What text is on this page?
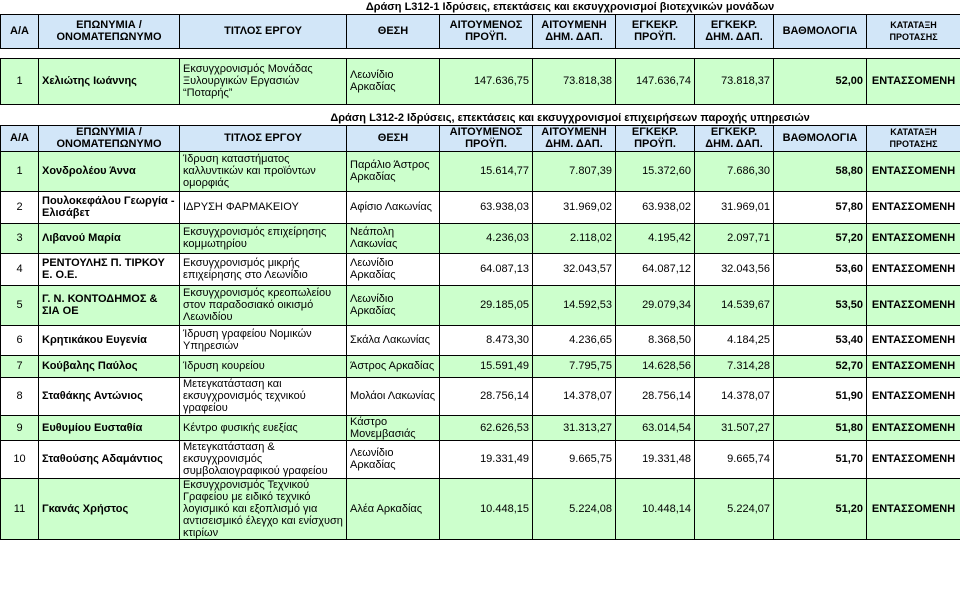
		Δράση L312-1 Ιδρύσεις, επεκτάσεις και εκσυγχρονισμοί βιοτεχνικών μονάδων							
Α/Α	ΕΠΩΝΥΜΙΑ / ΟΝΟΜΑΤΕΠΩΝΥΜΟ	ΤΙΤΛΟΣ ΕΡΓΟΥ	ΘΕΣΗ	ΑΙΤΟΥΜΕΝΟΣ ΠΡΟΫΠ.	ΑΙΤΟΥΜΕΝΗ ΔΗΜ. ΔΑΠ.	ΕΓΚΕΚΡ. ΠΡΟΫΠ.	ΕΓΚΕΚΡ. ΔΗΜ. ΔΑΠ.	ΒΑΘΜΟΛΟΓΙΑ	ΚΑΤΑΤΑΞΗ ΠΡΟΤΑΣΗΣ

1	Χελιώτης Ιωάννης	Εκσυγχρονισμός Μονάδας Ξυλουργικών Εργασιών “Ποταρής”	Λεωνίδιο Αρκαδίας	147.636,75	73.818,38	147.636,74	73.818,37	52,00	ΕΝΤΑΣΣΟΜΕΝΗ
		Δράση L312-2 Ιδρύσεις, επεκτάσεις και εκσυγχρονισμοί επιχειρήσεων παροχής υπηρεσιών							
Α/Α	ΕΠΩΝΥΜΙΑ / ΟΝΟΜΑΤΕΠΩΝΥΜΟ	ΤΙΤΛΟΣ ΕΡΓΟΥ	ΘΕΣΗ	ΑΙΤΟΥΜΕΝΟΣ ΠΡΟΫΠ.	ΑΙΤΟΥΜΕΝΗ ΔΗΜ. ΔΑΠ.	ΕΓΚΕΚΡ. ΠΡΟΫΠ.	ΕΓΚΕΚΡ. ΔΗΜ. ΔΑΠ.	ΒΑΘΜΟΛΟΓΙΑ	ΚΑΤΑΤΑΞΗ ΠΡΟΤΑΣΗΣ
1	Χονδρολέου Άννα	Ίδρυση καταστήματος καλλυντικών και προϊόντων ομορφιάς	Παράλιο Άστρος Αρκαδίας	15.614,77	7.807,39	15.372,60	7.686,30	58,80	ΕΝΤΑΣΣΟΜΕΝΗ
2	Πουλοκεφάλου Γεωργία - Ελισάβετ	ΙΔΡΥΣΗ ΦΑΡΜΑΚΕΙΟΥ	Αφίσιο Λακωνίας	63.938,03	31.969,02	63.938,02	31.969,01	57,80	ΕΝΤΑΣΣΟΜΕΝΗ
3	Λιβανού Μαρία	Εκσυγχρονισμός επιχείρησης κομμωτηρίου	Νεάπολη Λακωνίας	4.236,03	2.118,02	4.195,42	2.097,71	57,20	ΕΝΤΑΣΣΟΜΕΝΗ
4	ΡΕΝΤΟΥΛΗΣ Π. ΤΙΡΚΟΥ Ε. Ο.Ε.	Εκσυγχρονισμός μικρής επιχείρησης στο Λεωνίδιο	Λεωνίδιο Αρκαδίας	64.087,13	32.043,57	64.087,12	32.043,56	53,60	ΕΝΤΑΣΣΟΜΕΝΗ
5	Γ. Ν. ΚΟΝΤΟΔΗΜΟΣ & ΣΙΑ ΟΕ	Εκσυγχρονισμός κρεοπωλείου στον παραδοσιακό οικισμό Λεωνιδίου	Λεωνίδιο Αρκαδίας	29.185,05	14.592,53	29.079,34	14.539,67	53,50	ΕΝΤΑΣΣΟΜΕΝΗ
6	Κρητικάκου Ευγενία	Ίδρυση γραφείου Νομικών Υπηρεσιών	Σκάλα Λακωνίας	8.473,30	4.236,65	8.368,50	4.184,25	53,40	ΕΝΤΑΣΣΟΜΕΝΗ
7	Κούβαλης Παύλος	Ίδρυση κουρείου	Άστρος Αρκαδίας	15.591,49	7.795,75	14.628,56	7.314,28	52,70	ΕΝΤΑΣΣΟΜΕΝΗ
8	Σταθάκης Αντώνιος	Μετεγκατάσταση και εκσυγχρονισμός τεχνικού γραφείου	Μολάοι Λακωνίας	28.756,14	14.378,07	28.756,14	14.378,07	51,90	ΕΝΤΑΣΣΟΜΕΝΗ
9	Ευθυμίου Ευσταθία	Κέντρο φυσικής ευεξίας	Κάστρο Μονεμβασιάς	62.626,53	31.313,27	63.014,54	31.507,27	51,80	ΕΝΤΑΣΣΟΜΕΝΗ
10	Σταθούσης Αδαμάντιος	Μετεγκατάσταση & εκσυγχρονισμός συμβολαιογραφικού γραφείου	Λεωνίδιο Αρκαδίας	19.331,49	9.665,75	19.331,48	9.665,74	51,70	ΕΝΤΑΣΣΟΜΕΝΗ
11	Γκανάς Χρήστος	Εκσυγχρονισμός Τεχνικού Γραφείου με ειδικό τεχνικό λογισμικό και εξοπλισμό για αντισεισμικό έλεγχο και ενίσχυση κτιρίων	Αλέα Αρκαδίας	10.448,15	5.224,08	10.448,14	5.224,07	51,20	ΕΝΤΑΣΣΟΜΕΝΗ
